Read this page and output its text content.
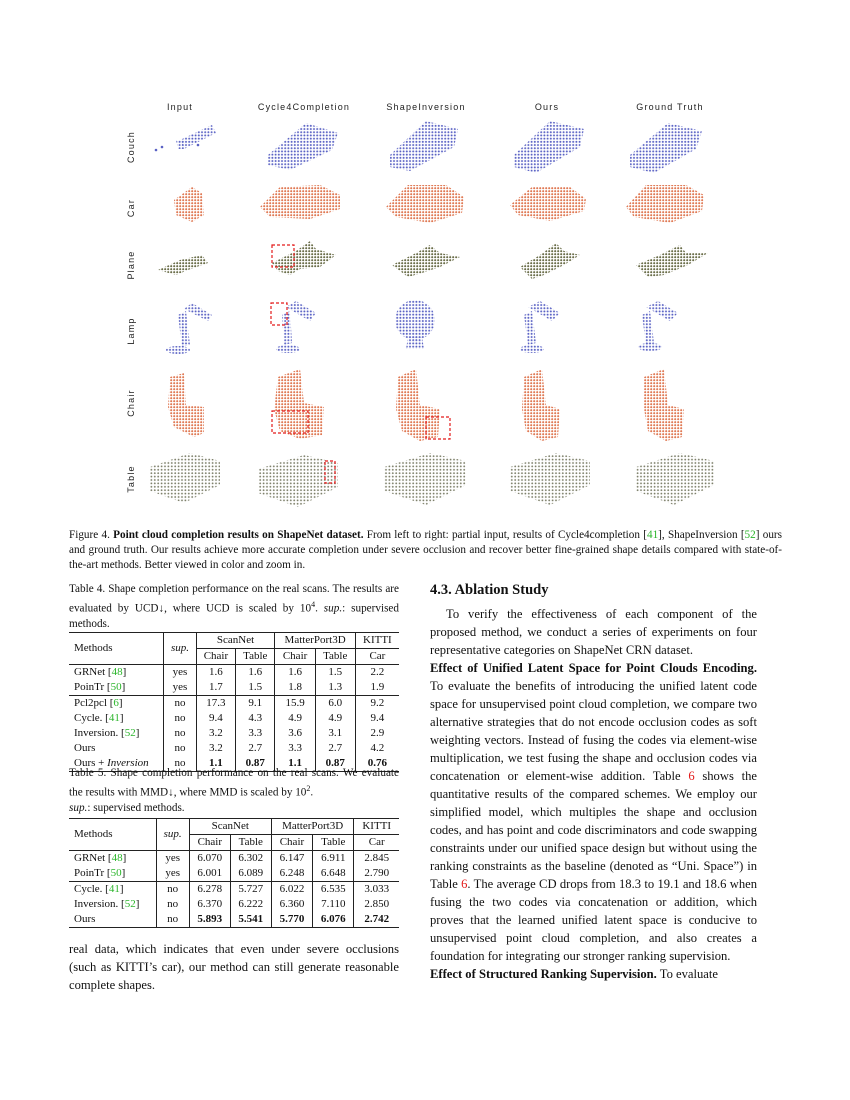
Input	Cycle4Completion	ShapeInversion	Ours	Ground Truth
Couch
Car
Plane
Lamp
Chair
Table
Figure 4. Point cloud completion results on ShapeNet dataset. From left to right: partial input, results of Cycle4completion [41], ShapeInversion [52] ours and ground truth. Our results achieve more accurate completion under severe occlusion and recover better fine-grained shape details compared with state-of-the-art methods. Better viewed in color and zoom in.
Table 4. Shape completion performance on the real scans. The results are evaluated by UCD↓, where UCD is scaled by $10^4$. sup.: supervised methods.
Methods	sup.	ScanNet		MatterPort3D		KITTI
		Chair	Table	Chair	Table	Car
GRNet [48]	yes	1.6	1.6	1.6	1.5	2.2
PoinTr [50]	yes	1.7	1.5	1.8	1.3	1.9
Pcl2pcl [6]	no	17.3	9.1	15.9	6.0	9.2
Cycle. [41]	no	9.4	4.3	4.9	4.9	9.4
Inversion. [52]	no	3.2	3.3	3.6	3.1	2.9
Ours	no	3.2	2.7	3.3	2.7	4.2
Ours + Inversion	no	1.1	0.87	1.1	0.87	0.76
Table 5. Shape completion performance on the real scans. We evaluate the results with MMD↓, where MMD is scaled by $10^2$.
sup.: supervised methods.
Methods	sup.	ScanNet		MatterPort3D		KITTI
		Chair	Table	Chair	Table	Car
GRNet [48]	yes	6.070	6.302	6.147	6.911	2.845
PoinTr [50]	yes	6.001	6.089	6.248	6.648	2.790
Cycle. [41]	no	6.278	5.727	6.022	6.535	3.033
Inversion. [52]	no	6.370	6.222	6.360	7.110	2.850
Ours	no	5.893	5.541	5.770	6.076	2.742
real data, which indicates that even under severe occlusions (such as KITTI’s car), our method can still generate reasonable complete shapes.
4.3. Ablation Study
To verify the effectiveness of each component of the proposed method, we conduct a series of experiments on four representative categories on ShapeNet CRN dataset.
Effect of Unified Latent Space for Point Clouds Encoding. To evaluate the benefits of introducing the unified latent code space for unsupervised point cloud completion, we compare two alternative strategies that do not encode occlusion codes as soft weighting vectors. Instead of fusing the codes via element-wise multiplication, we test fusing the shape and occlusion codes via concatenation or element-wise addition. Table 6 shows the quantitative results of the compared schemes. We employ our simplified model, which multiples the shape and occlusion codes, and has point and code discriminators and code swapping constraints under our unified space design but without using the ranking constraints as the baseline (denoted as “Uni. Space”) in Table 6. The average CD drops from 18.3 to 19.1 and 18.6 when fusing the two codes via concatenation or addition, which proves that the learned unified latent space is conducive to unsupervised point cloud completion, and also creates a foundation for integrating our stronger ranking supervision.
Effect of Structured Ranking Supervision. To evaluate
